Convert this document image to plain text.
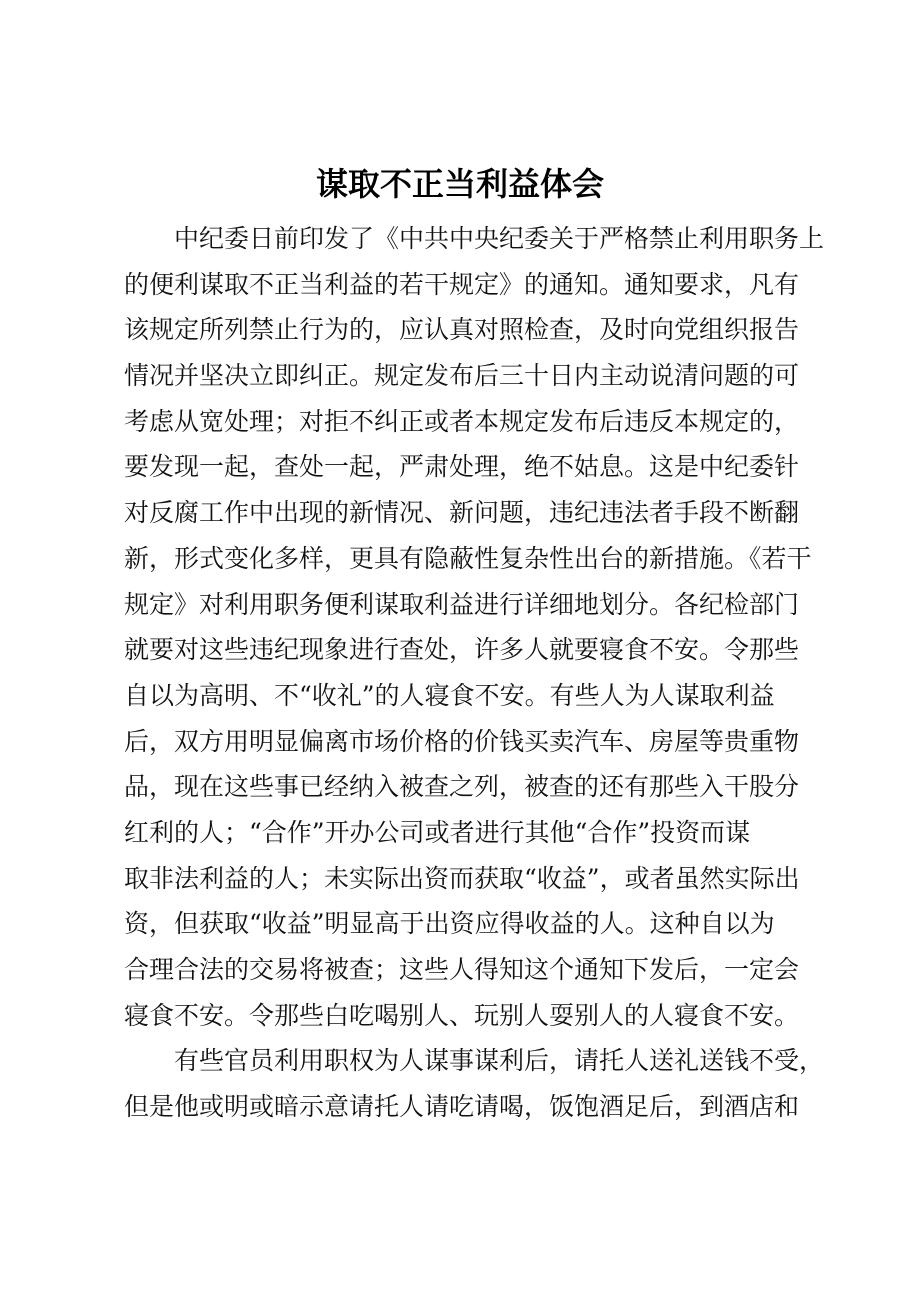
谋取不正当利益体会

中纪委日前印发了《中共中央纪委关于严格禁止利用职务上

的便利谋取不正当利益的若干规定》的通知。通知要求，凡有

该规定所列禁止行为的，应认真对照检查，及时向党组织报告

情况并坚决立即纠正。规定发布后三十日内主动说清问题的可

考虑从宽处理；对拒不纠正或者本规定发布后违反本规定的，

要发现一起，查处一起，严肃处理，绝不姑息。这是中纪委针

对反腐工作中出现的新情况、新问题，违纪违法者手段不断翻

新，形式变化多样，更具有隐蔽性复杂性出台的新措施。《若干

规定》对利用职务便利谋取利益进行详细地划分。各纪检部门

就要对这些违纪现象进行查处，许多人就要寝食不安。令那些

自以为高明、不“收礼”的人寝食不安。有些人为人谋取利益

后，双方用明显偏离市场价格的价钱买卖汽车、房屋等贵重物

品，现在这些事已经纳入被查之列，被查的还有那些入干股分

红利的人；“合作”开办公司或者进行其他“合作”投资而谋

取非法利益的人；未实际出资而获取“收益”，或者虽然实际出

资，但获取“收益”明显高于出资应得收益的人。这种自以为

合理合法的交易将被查；这些人得知这个通知下发后，一定会

寝食不安。令那些白吃喝别人、玩别人耍别人的人寝食不安。

有些官员利用职权为人谋事谋利后，请托人送礼送钱不受，

但是他或明或暗示意请托人请吃请喝，饭饱酒足后，到酒店和
